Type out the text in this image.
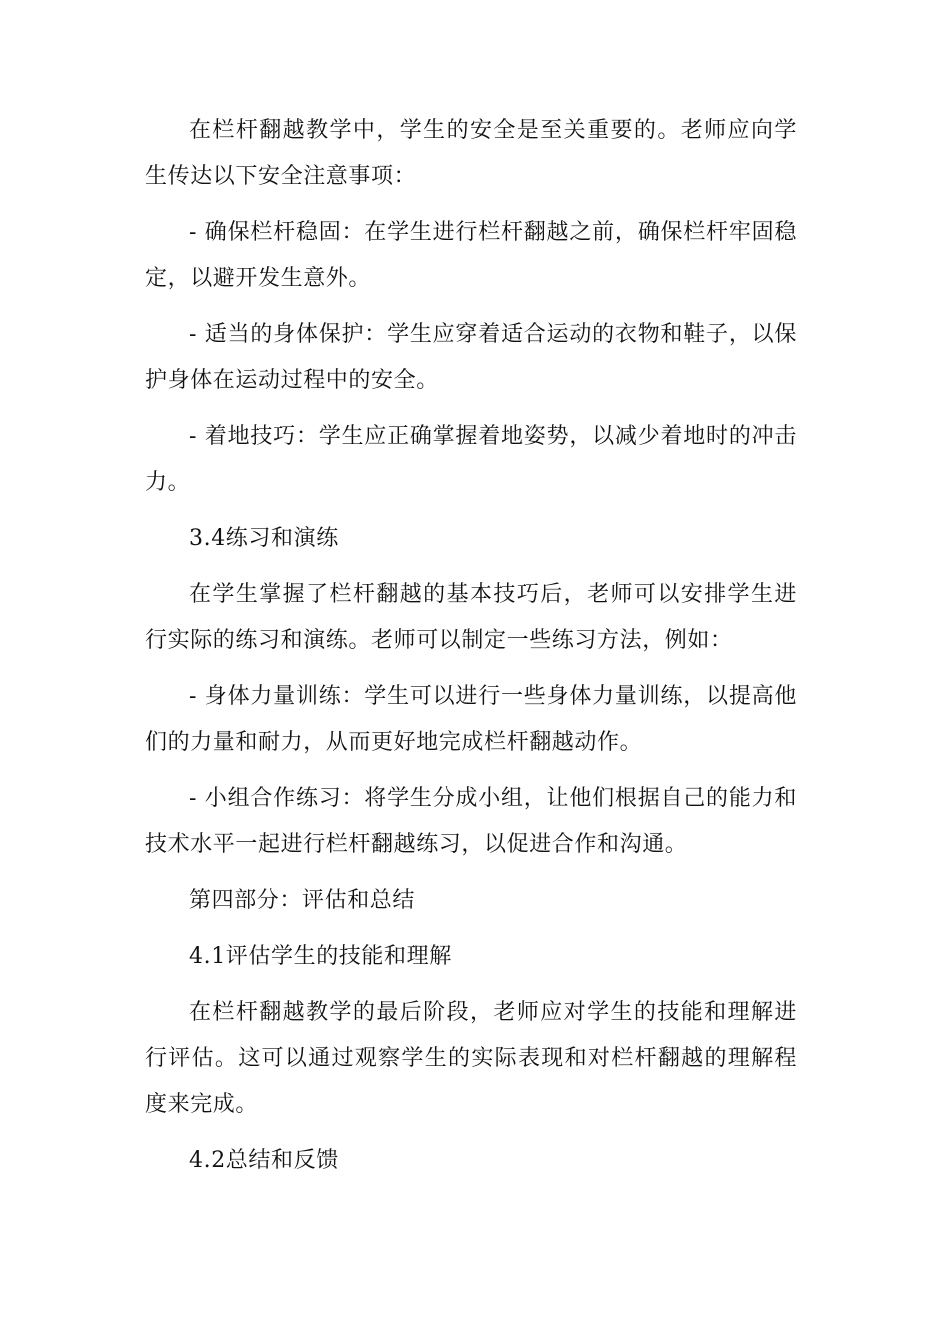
在栏杆翻越教学中，学生的安全是至关重要的。老师应向学生传达以下安全注意事项：

- 确保栏杆稳固：在学生进行栏杆翻越之前，确保栏杆牢固稳定，以避开发生意外。

- 适当的身体保护：学生应穿着适合运动的衣物和鞋子，以保护身体在运动过程中的安全。

- 着地技巧：学生应正确掌握着地姿势，以减少着地时的冲击力。

3.4练习和演练

在学生掌握了栏杆翻越的基本技巧后，老师可以安排学生进行实际的练习和演练。老师可以制定一些练习方法，例如：

- 身体力量训练：学生可以进行一些身体力量训练，以提高他们的力量和耐力，从而更好地完成栏杆翻越动作。

- 小组合作练习：将学生分成小组，让他们根据自己的能力和技术水平一起进行栏杆翻越练习，以促进合作和沟通。

第四部分：评估和总结

4.1评估学生的技能和理解

在栏杆翻越教学的最后阶段，老师应对学生的技能和理解进行评估。这可以通过观察学生的实际表现和对栏杆翻越的理解程度来完成。

4.2总结和反馈
